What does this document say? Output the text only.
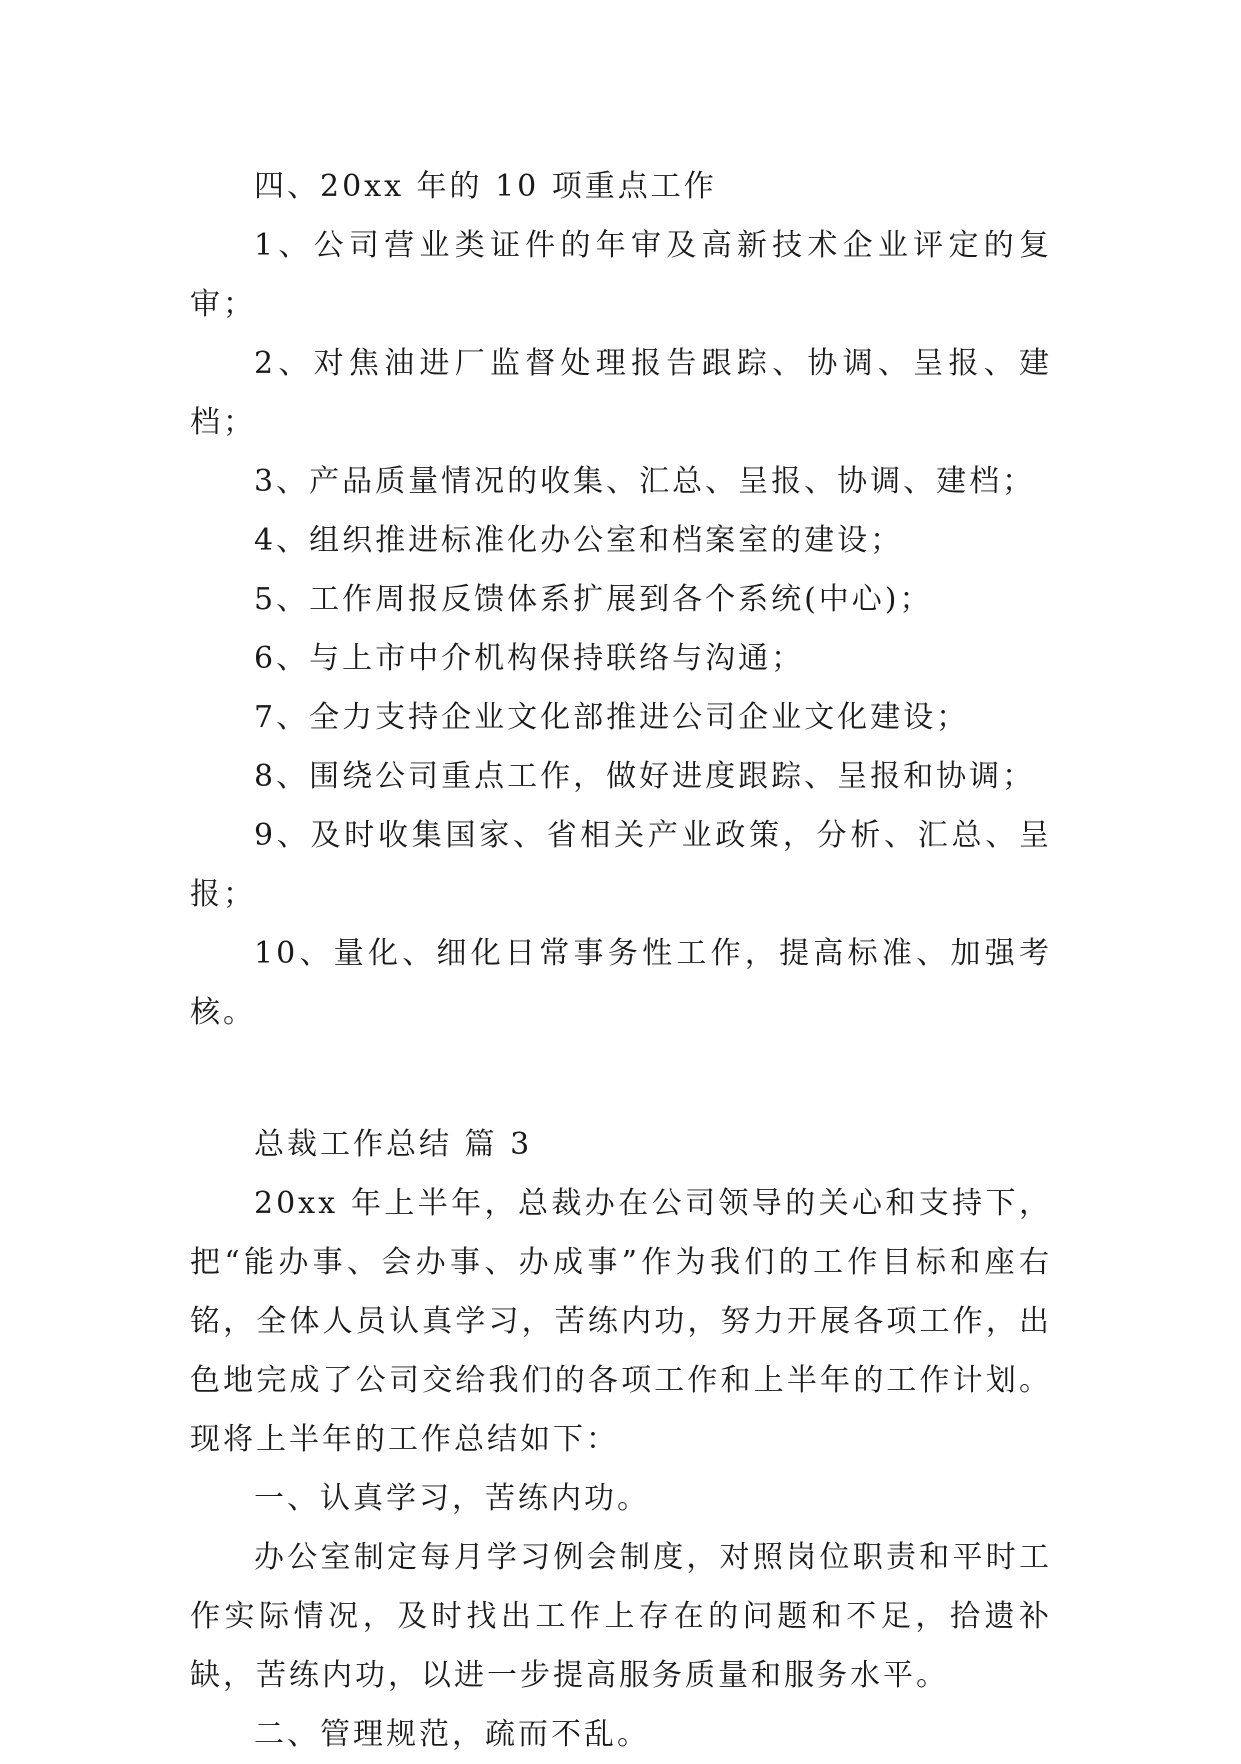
四、20xx 年的 10 项重点工作

1、公司营业类证件的年审及高新技术企业评定的复审；

2、对焦油进厂监督处理报告跟踪、协调、呈报、建档；

3、产品质量情况的收集、汇总、呈报、协调、建档；

4、组织推进标准化办公室和档案室的建设；

5、工作周报反馈体系扩展到各个系统(中心)；

6、与上市中介机构保持联络与沟通；

7、全力支持企业文化部推进公司企业文化建设；

8、围绕公司重点工作，做好进度跟踪、呈报和协调；

9、及时收集国家、省相关产业政策，分析、汇总、呈报；

10、量化、细化日常事务性工作，提高标准、加强考核。

总裁工作总结 篇 3

20xx 年上半年，总裁办在公司领导的关心和支持下，把“能办事、会办事、办成事”作为我们的工作目标和座右铭，全体人员认真学习，苦练内功，努力开展各项工作，出色地完成了公司交给我们的各项工作和上半年的工作计划。现将上半年的工作总结如下：

一、认真学习，苦练内功。

办公室制定每月学习例会制度，对照岗位职责和平时工作实际情况，及时找出工作上存在的问题和不足，拾遗补缺，苦练内功，以进一步提高服务质量和服务水平。

二、管理规范，疏而不乱。
